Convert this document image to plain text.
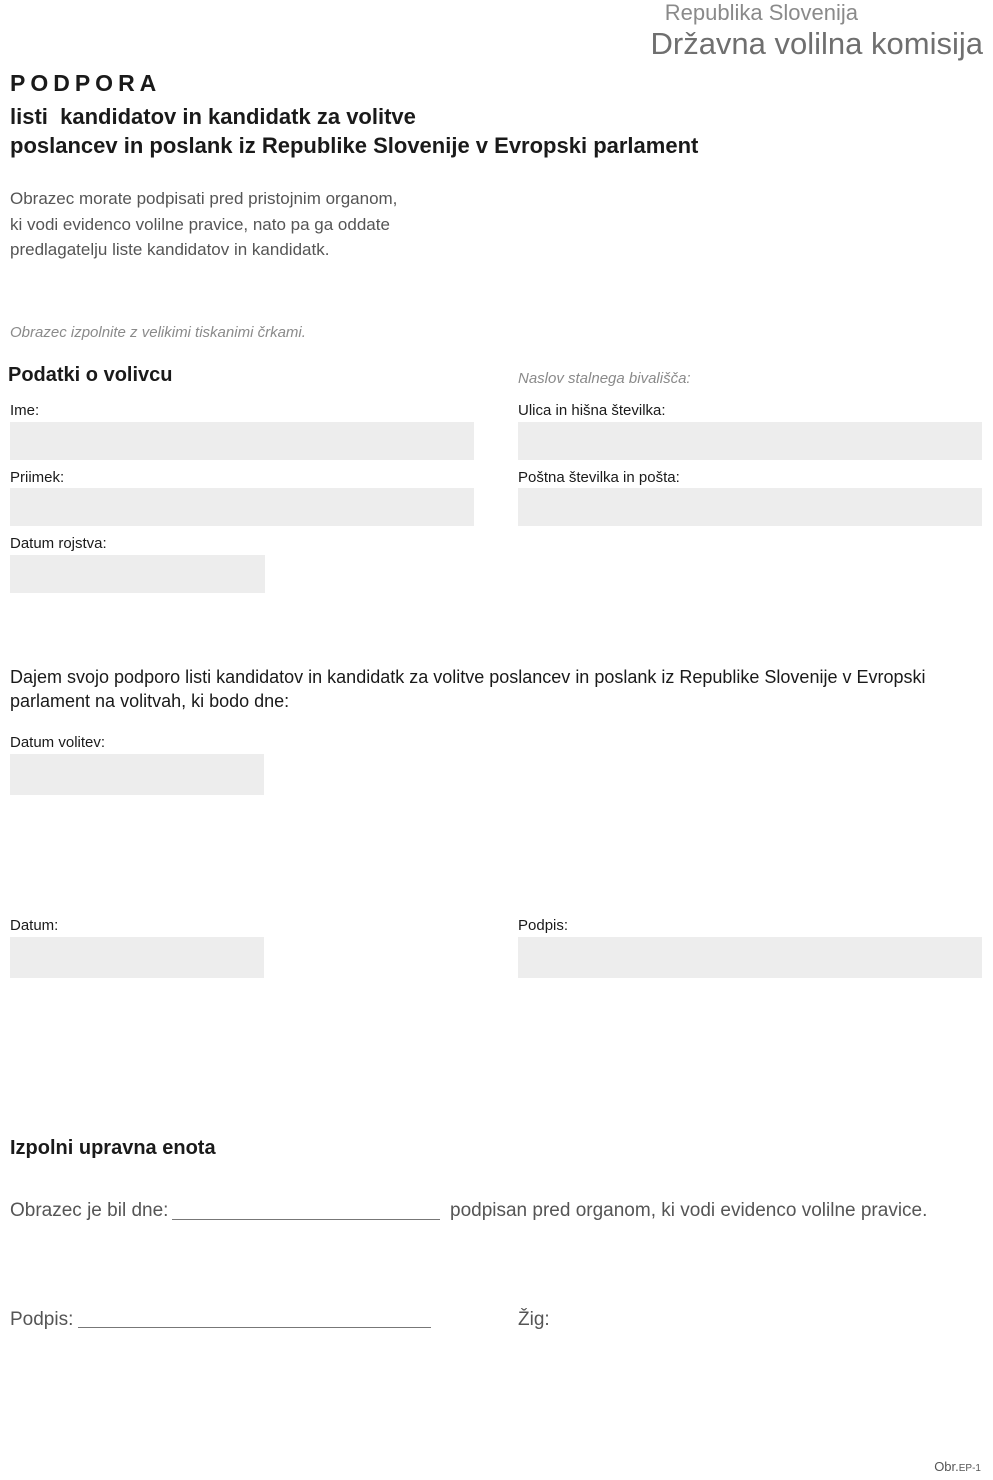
Republika Slovenija
Državna volilna komisija
PODPORA
listi  kandidatov in kandidatk za volitve
poslancev in poslank iz Republike Slovenije v Evropski parlament
Obrazec morate podpisati pred pristojnim organom,
ki vodi evidenco volilne pravice, nato pa ga oddate
predlagatelju liste kandidatov in kandidatk.
Obrazec izpolnite z velikimi tiskanimi črkami.
Podatki o volivcu
Ime:
Priimek:
Datum rojstva:
Naslov stalnega bivališča:
Ulica in hišna številka:
Poštna številka in pošta:
Dajem svojo podporo listi kandidatov in kandidatk za volitve poslancev in poslank iz Republike Slovenije v Evropski
parlament na volitvah, ki bodo dne:
Datum volitev:
Datum:	Podpis:
Izpolni upravna enota
Obrazec je bil dne:	podpisan pred organom, ki vodi evidenco volilne pravice.
Podpis:	Žig:
Obr.EP-1
